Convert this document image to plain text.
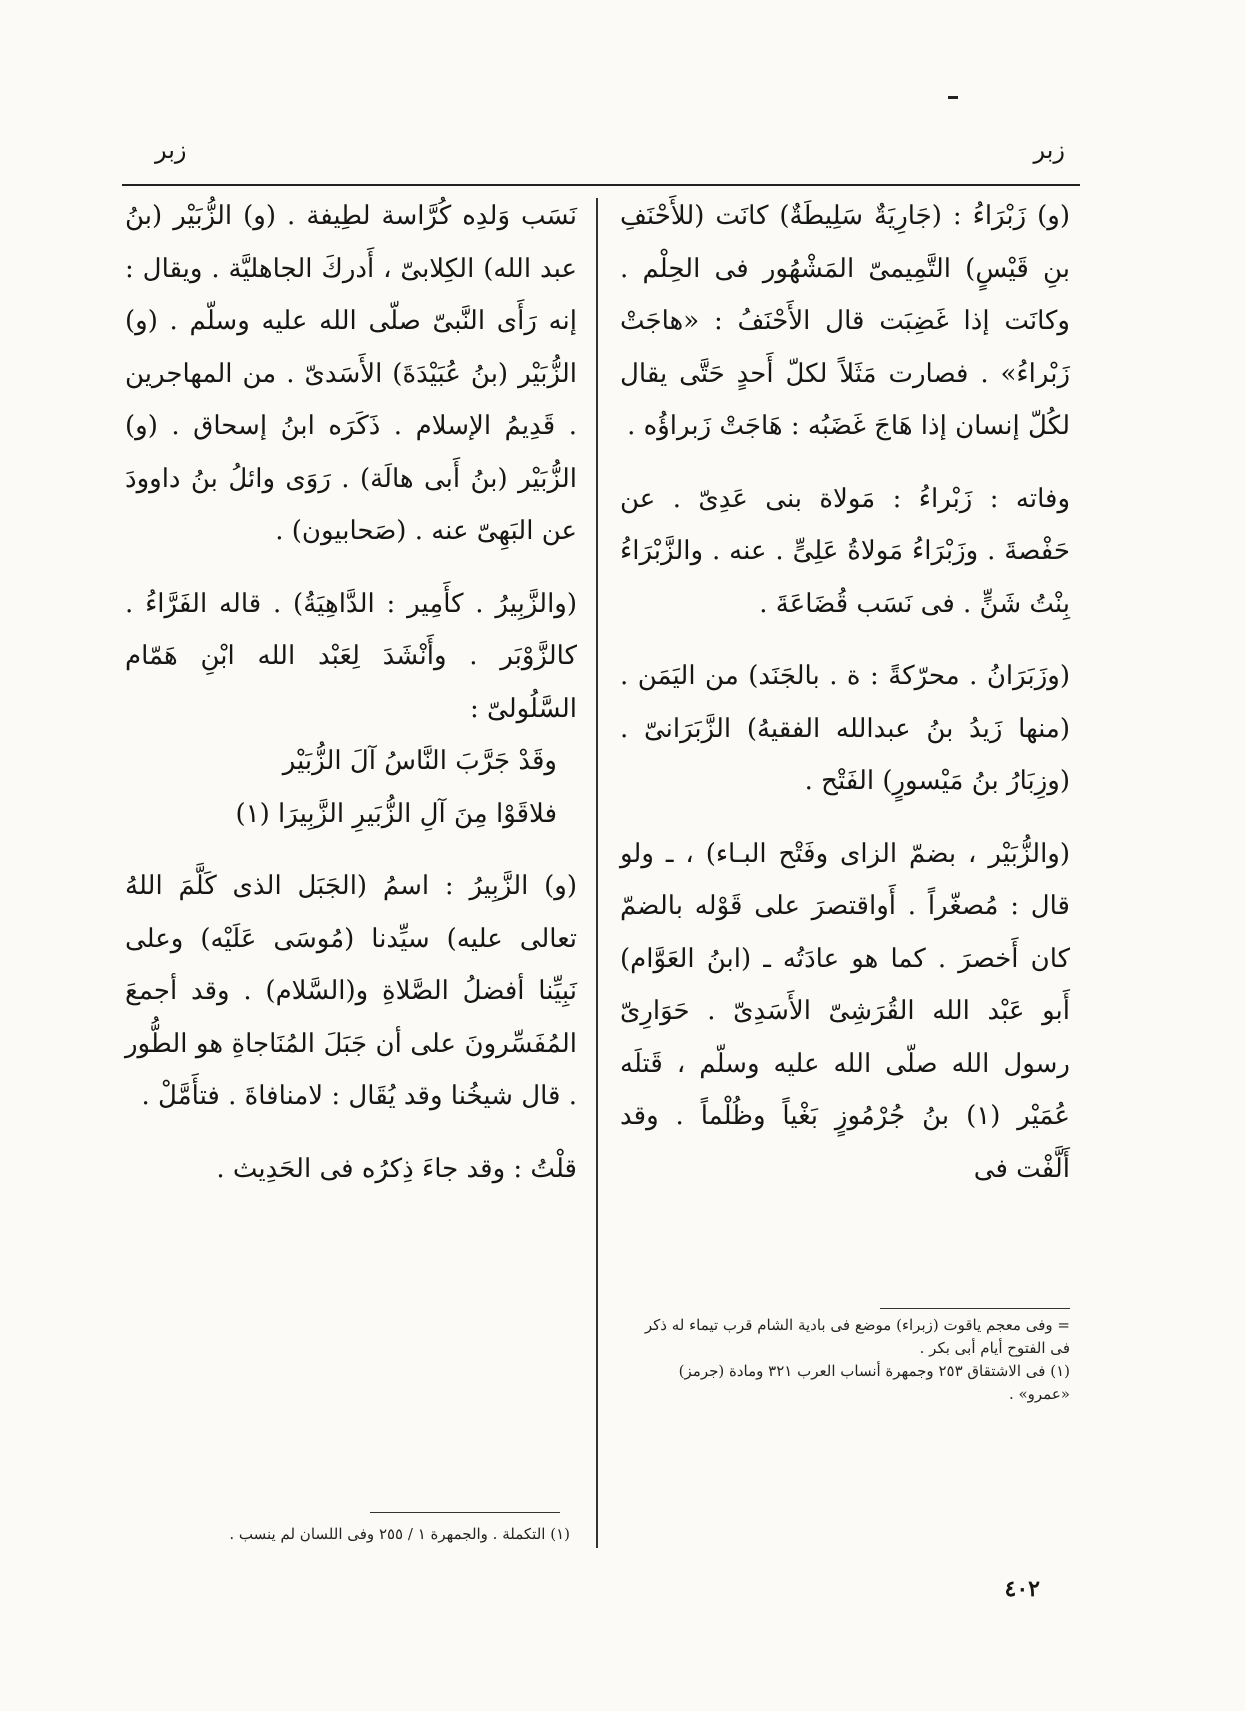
زبر
زبر

(و) زَبْرَاءُ : (جَارِيَةٌ سَلِيطَةٌ) كانَت (للأَحْنَفِ بنِ قَيْسٍ) التَّمِيمىّ المَشْهُور فى الحِلْم . وكانَت إذا غَضِبَت قال الأَحْنَفُ : «هاجَتْ زَبْراءُ» . فصارت مَثَلاً لكلّ أَحدٍ حَتَّى يقال لكُلّ إنسان إذا هَاجَ غَضَبُه : هَاجَتْ زَبراؤُه .

وفاته : زَبْراءُ : مَولاة بنى عَدِىّ . عن حَفْصةَ . وزَبْرَاءُ مَولاةُ عَلِىٍّ . عنه . والزَّبْرَاءُ بِنْتُ شَنٍّ . فى نَسَب قُضَاعَةَ .

(وزَبَرَانُ . محرّكةً : ة . بالجَنَد) من اليَمَن . (منها زَيدُ بنُ عبدالله الفقيهُ) الزَّبَرَانىّ . (وزِبَارُ بنُ مَيْسورٍ) الفَتْح .

(والزُّبَيْر ، بضمّ الزاى وفَتْح البـاء) ، ـ ولو قال : مُصغّراً . أَواقتصرَ على قَوْله بالضمّ كان أَخصرَ . كما هو عادَتُه ـ (ابنُ العَوَّام) أَبو عَبْد الله القُرَشِىّ الأَسَدِىّ . حَوَارِىّ رسول الله صلّى الله عليه وسلّم ، قَتلَه عُمَيْر (١) بنُ جُرْمُوزٍ بَغْياً وظُلْماً . وقد أَلَّفْت فى

= وفى معجم ياقوت (زبراء) موضع فى بادية الشام قرب تيماء له ذكر فى الفتوح أيام أبى بكر .
(١) فى الاشتقاق ٢٥٣ وجمهرة أنساب العرب ٣٢١ ومادة (جرمز) «عمرو» .

نَسَب وَلدِه كُرَّاسة لطِيفة . (و) الزُّبَيْر (بنُ عبد الله) الكِلابىّ ، أَدركَ الجاهليَّة . ويقال : إنه رَأَى النَّبىّ صلّى الله عليه وسلّم . (و) الزُّبَيْر (بنُ عُبَيْدَةَ) الأَسَدىّ . من المهاجرين . قَدِيمُ الإسلام . ذَكَرَه ابنُ إسحاق . (و) الزُّبَيْر (بنُ أَبى هالَة) . رَوَى وائلُ بنُ داوودَ عن البَهِىّ عنه . (صَحابيون) .

(والزَّبِيرُ . كأَمِير : الدَّاهِيَةُ) . قاله الفَرَّاءُ . كالزَّوْبَر . وأَنْشَدَ لِعَبْد الله ابْنِ هَمّام السَّلُولىّ :
وقَدْ جَرَّبَ النَّاسُ آلَ الزُّبَيْر
فلاقَوْا مِنَ آلِ الزُّبَيرِ الزَّبِيرَا (١)

(و) الزَّبِيرُ : اسمُ (الجَبَل الذى كَلَّمَ اللهُ تعالى عليه) سيِّدنا (مُوسَى عَلَيْه) وعلى نَبِيِّنا أفضلُ الصَّلاةِ و(السَّلام) . وقد أجمعَ المُفَسِّرونَ على أن جَبَلَ المُنَاجاةِ هو الطُّور . قال شيخُنا وقد يُقَال : لامنافاةَ . فتأَمَّلْ .

قلْتُ : وقد جاءَ ذِكرُه فى الحَدِيث .

(١) التكملة . والجمهرة ١ / ٢٥٥ وفى اللسان لم ينسب .
٤٠٢
